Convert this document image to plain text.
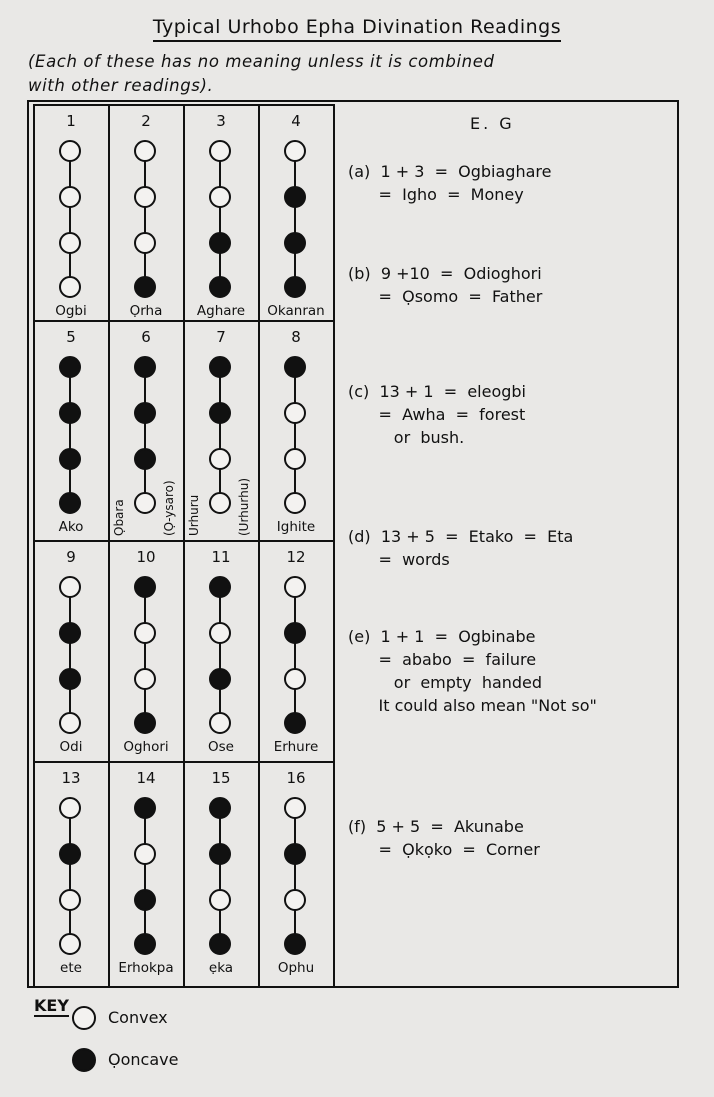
Typical Urhobo Epha Divination Readings
(Each of these has no meaning unless it is combined
with other readings).
1
Ogbi
2
Ọrha
3
Aghare
4
Okanran
5
Ako
6
Ọbara	(Ọ-ysaro)
7
Urhuru	(Urhurhu)
8
Ighite
9
Odi
10
Oghori
11
Ose
12
Erhure
13
ete
14
Erhokpa
15
ẹka
16
Ophu
E. G
(a)  1 + 3  =  Ogbiaghare
=  Igho  =  Money
(b)  9 +10  =  Odioghori
=  Ọsomo  =  Father
(c)  13 + 1  =  eleogbi
=  Awha  =  forest
or  bush.
(d)  13 + 5  =  Etako  =  Eta
=  words
(e)  1 + 1  =  Ogbinabe
=  ababo  =  failure
or  empty  handed
It could also mean "Not so"
(f)  5 + 5  =  Akunabe
=  Ọkọko  =  Corner
KEY
Convex
Ọoncave
